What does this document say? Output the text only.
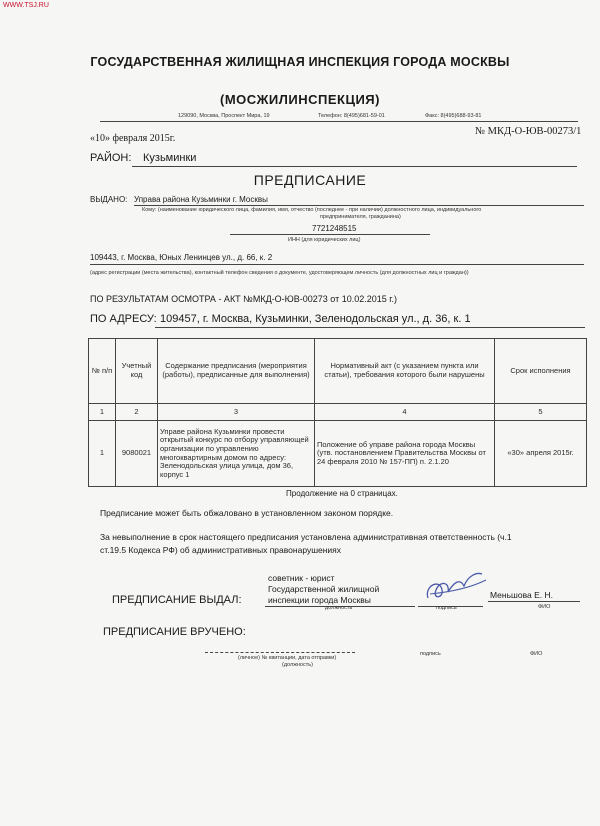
WWW.TSJ.RU
ГОСУДАРСТВЕННАЯ ЖИЛИЩНАЯ ИНСПЕКЦИЯ ГОРОДА МОСКВЫ
(МОСЖИЛИНСПЕКЦИЯ)
129090, Москва, Проспект Мира, 19	Телефон: 8(495)681-59-01	Факс: 8(495)688-93-81
«10» февраля 2015г.
№ МКД-О-ЮВ-00273/1
РАЙОН: Кузьминки
ПРЕДПИСАНИЕ
ВЫДАНО: Управа района Кузьминки г. Москвы
Кому: (наименование юридического лица, фамилия, имя, отчество (последнее - при наличии) должностного лица, индивидуального
предпринимателя, гражданина)
7721248515
ИНН (для юридических лиц)
109443, г. Москва, Юных Ленинцев ул., д. 66, к. 2
(адрес регистрации (места жительства), контактный телефон сведения о документе, удостоверяющем личность (для должностных лиц и граждан))
ПО РЕЗУЛЬТАТАМ ОСМОТРА - АКТ №МКД-О-ЮВ-00273 от 10.02.2015 г.)
ПО АДРЕСУ: 109457, г. Москва, Кузьминки, Зеленодольская ул., д. 36, к. 1
№ п/п	Учетный код	Содержание предписания (мероприятия (работы), предписанные для выполнения)	Нормативный акт (с указанием пункта или статьи), требования которого были нарушены	Срок исполнения
1	2	3	4	5
1	9080021	Управе района Кузьминки провести открытый конкурс по отбору управляющей организации по управлению многоквартирным домом по адресу: Зеленодольская улица улица, дом 36, корпус 1	Положение об управе района города Москвы (утв. постановлением Правительства Москвы от 24 февраля 2010 № 157-ПП) п. 2.1.20	«30» апреля 2015г.
Продолжение на 0 страницах.
Предписание может быть обжаловано в установленном законом порядке.
За невыполнение в срок настоящего предписания установлена административная ответственность (ч.1
ст.19.5 Кодекса РФ) об административных правонарушениях
ПРЕДПИСАНИЕ ВЫДАЛ:
советник - юрист
Государственной жилищной
инспекции города Москвы
должность	подпись
Меньшова Е. Н.
ФИО
ПРЕДПИСАНИЕ ВРУЧЕНО:
(личное) № квитанции, дата отправки)
(должность)
подпись	ФИО
